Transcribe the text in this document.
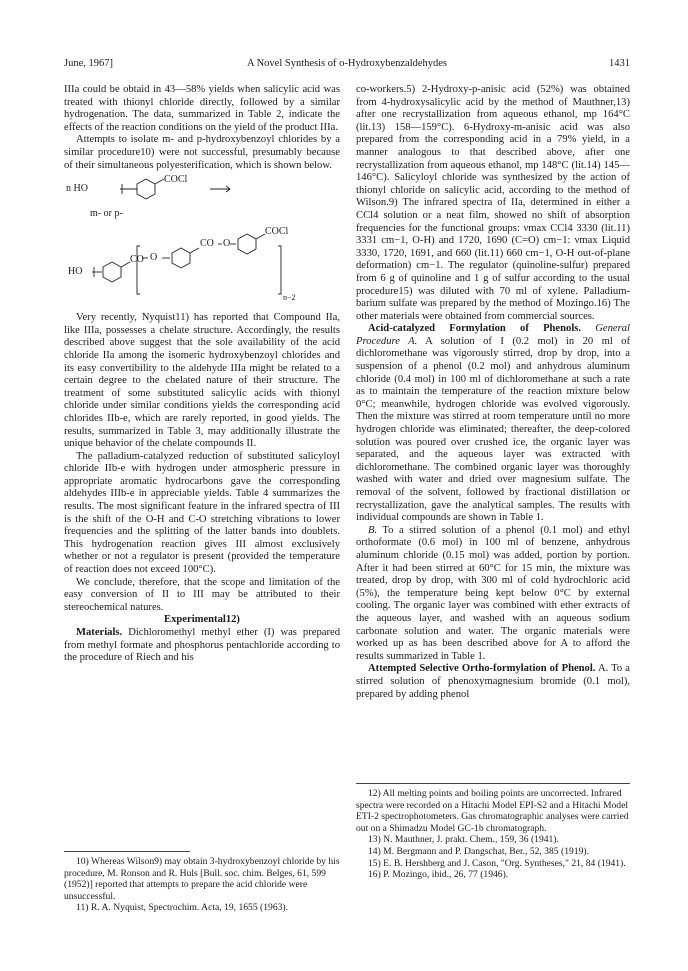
June, 1967]	A Novel Synthesis of o-Hydroxybenzaldehydes	1431

IIIa could be obtaid in 43—58% yields when salicylic acid was treated with thionyl chloride directly, followed by a similar hydrogenation. The data, summarized in Table 2, indicate the effects of the reaction conditions on the yield of the product IIIa.

Attempts to isolate m- and p-hydroxybenzoyl chlorides by a similar procedure10) were not successful, presumably because of their simultaneous polyesterification, which is shown below.

n HO
COCl
m- or p-
HO
CO O
CO O
COCl
n−2

Very recently, Nyquist11) has reported that Compound IIa, like IIIa, possesses a chelate structure. Accordingly, the results described above suggest that the sole availability of the acid chloride IIa among the isomeric hydroxybenzoyl chlorides and its easy convertibility to the aldehyde IIIa might be related to a certain degree to the chelated nature of their structure. The treatment of some substituted salicylic acids with thionyl chloride under similar conditions yields the corresponding acid chlorides IIb-e, which are rarely reported, in good yields. The results, summarized in Table 3, may additionally illustrate the unique behavior of the chelate compounds II.

The palladium-catalyzed reduction of substituted salicyloyl chloride IIb-e with hydrogen under atmospheric pressure in appropriate aromatic hydrocarbons gave the corresponding aldehydes IIIb-e in appreciable yields. Table 4 summarizes the results. The most significant feature in the infrared spectra of III is the shift of the O-H and C-O stretching vibrations to lower frequencies and the splitting of the latter bands into doublets. This hydrogenation reaction gives III almost exclusively whether or not a regulator is present (provided the temperature of reaction does not exceed 100°C).

We conclude, therefore, that the scope and limitation of the easy conversion of II to III may be attributed to their stereochemical natures.

Experimental12)

Materials. Dichloromethyl methyl ether (I) was prepared from methyl formate and phosphorus pentachloride according to the procedure of Riech and his

10) Whereas Wilson9) may obtain 3-hydroxybenzoyl chloride by his procedure, M. Ronson and R. Huls [Bull. soc. chim. Belges, 61, 599 (1952)] reported that attempts to prepare the acid chloride were unsuccessful.

11) R. A. Nyquist, Spectrochim. Acta, 19, 1655 (1963).

co-workers.5) 2-Hydroxy-p-anisic acid (52%) was obtained from 4-hydroxysalicylic acid by the method of Mauthner,13) after one recrystallization from aqueous ethanol, mp 164°C (lit.13) 158—159°C). 6-Hydroxy-m-anisic acid was also prepared from the corresponding acid in a 79% yield, in a manner analogous to that described above, after one recrystallization from aqueous ethanol, mp 148°C (lit.14) 145—146°C). Salicyloyl chloride was synthesized by the action of thionyl chloride on salicylic acid, according to the method of Wilson.9) The infrared spectra of IIa, determined in either a CCl4 solution or a neat film, showed no shift of absorption frequencies for the functional groups: νmax CCl4 3330 (lit.11) 3331 cm−1, O-H) and 1720, 1690 (C=O) cm−1: νmax Liquid 3330, 1720, 1691, and 660 (lit.11) 660 cm−1, O-H out-of-plane deformation) cm−1. The regulator (quinoline-sulfur) prepared from 6 g of quinoline and 1 g of sulfur according to the usual procedure15) was diluted with 70 ml of xylene. Palladium-barium sulfate was prepared by the method of Mozingo.16) The other materials were obtained from commercial sources.

Acid-catalyzed Formylation of Phenols. General Procedure A. A solution of I (0.2 mol) in 20 ml of dichloromethane was vigorously stirred, drop by drop, into a suspension of a phenol (0.2 mol) and anhydrous aluminum chloride (0.4 mol) in 100 ml of dichloromethane at such a rate as to maintain the temperature of the reaction mixture below 0°C; meanwhile, hydrogen chloride was evolved vigorously. Then the mixture was stirred at room temperature until no more hydrogen chloride was eliminated; thereafter, the deep-colored solution was poured over crushed ice, the organic layer was separated, and the aqueous layer was extracted with dichloromethane. The combined organic layer was thoroughly washed with water and dried over magnesium sulfate. The removal of the solvent, followed by fractional distillation or recrystallization, gave the analytical samples. The results with individual compounds are shown in Table 1.

B. To a stirred solution of a phenol (0.1 mol) and ethyl orthoformate (0.6 mol) in 100 ml of benzene, anhydrous aluminum chloride (0.15 mol) was added, portion by portion. After it had been stirred at 60°C for 15 min, the mixture was treated, drop by drop, with 300 ml of cold hydrochloric acid (5%), the temperature being kept below 0°C by external cooling. The organic layer was combined with ether extracts of the aqueous layer, and washed with an aqueous sodium carbonate solution and water. The organic materials were worked up as has been described above for A to afford the results summarized in Table 1.

Attempted Selective Ortho-formylation of Phenol. A. To a stirred solution of phenoxymagnesium bromide (0.1 mol), prepared by adding phenol

12) All melting points and boiling points are uncorrected. Infrared spectra were recorded on a Hitachi Model EPI-S2 and a Hitachi Model ETI-2 spectrophotometers. Gas chromatographic analyses were carried out on a Shimadzu Model GC-1b chromatograph.

13) N. Mauthner, J. prakt. Chem., 159, 36 (1941).

14) M. Bergmann and P. Dangschat, Ber., 52, 385 (1919).

15) E. B. Hershberg and J. Cason, "Org. Syntheses," 21, 84 (1941).

16) P. Mozingo, ibid., 26, 77 (1946).
